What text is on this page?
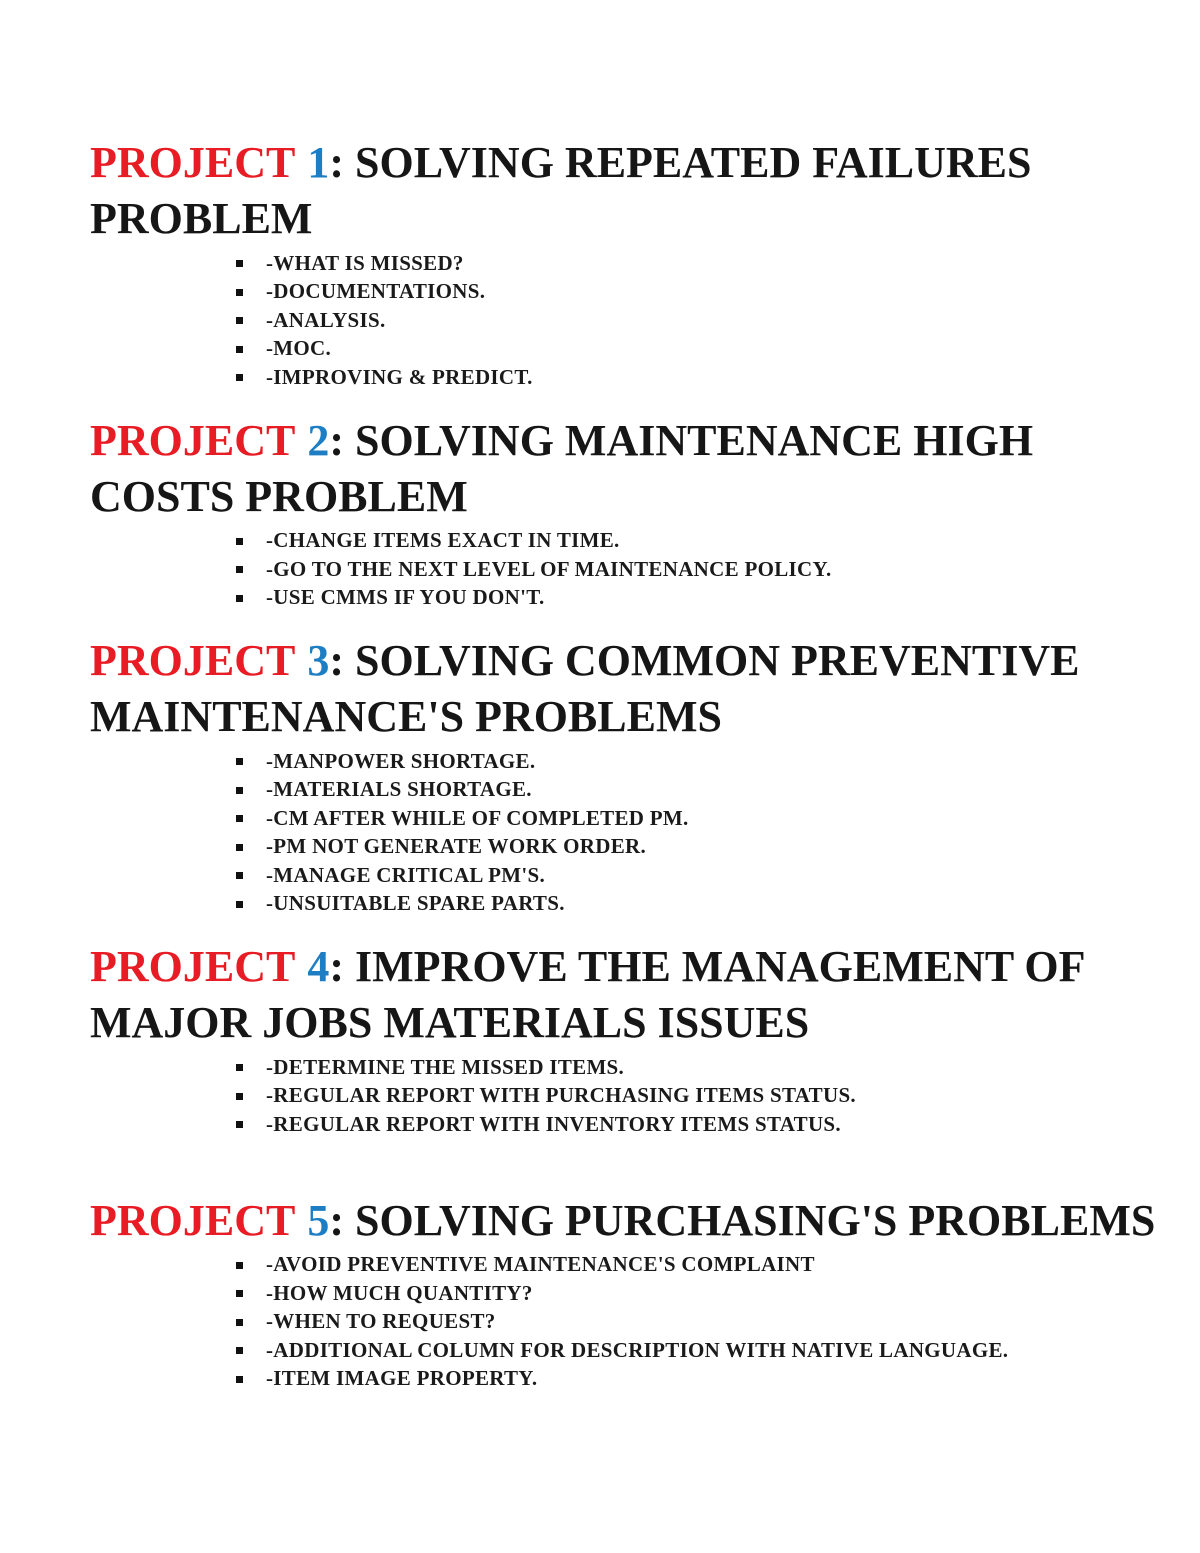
PROJECT 1: SOLVING REPEATED FAILURES
PROBLEM
-WHAT IS MISSED?
-DOCUMENTATIONS.
-ANALYSIS.
-MOC.
-IMPROVING & PREDICT.
PROJECT 2: SOLVING MAINTENANCE HIGH
COSTS PROBLEM
-CHANGE ITEMS EXACT IN TIME.
-GO TO THE NEXT LEVEL OF MAINTENANCE POLICY.
-USE CMMS IF YOU DON'T.
PROJECT 3: SOLVING COMMON PREVENTIVE
MAINTENANCE'S PROBLEMS
-MANPOWER SHORTAGE.
-MATERIALS SHORTAGE.
-CM AFTER WHILE OF COMPLETED PM.
-PM NOT GENERATE WORK ORDER.
-MANAGE CRITICAL PM'S.
-UNSUITABLE SPARE PARTS.
PROJECT 4: IMPROVE THE MANAGEMENT OF
MAJOR JOBS MATERIALS ISSUES
-DETERMINE THE MISSED ITEMS.
-REGULAR REPORT WITH PURCHASING ITEMS STATUS.
-REGULAR REPORT WITH INVENTORY ITEMS STATUS.
PROJECT 5: SOLVING PURCHASING'S PROBLEMS
-AVOID PREVENTIVE MAINTENANCE'S COMPLAINT
-HOW MUCH QUANTITY?
-WHEN TO REQUEST?
-ADDITIONAL COLUMN FOR DESCRIPTION WITH NATIVE LANGUAGE.
-ITEM IMAGE PROPERTY.
